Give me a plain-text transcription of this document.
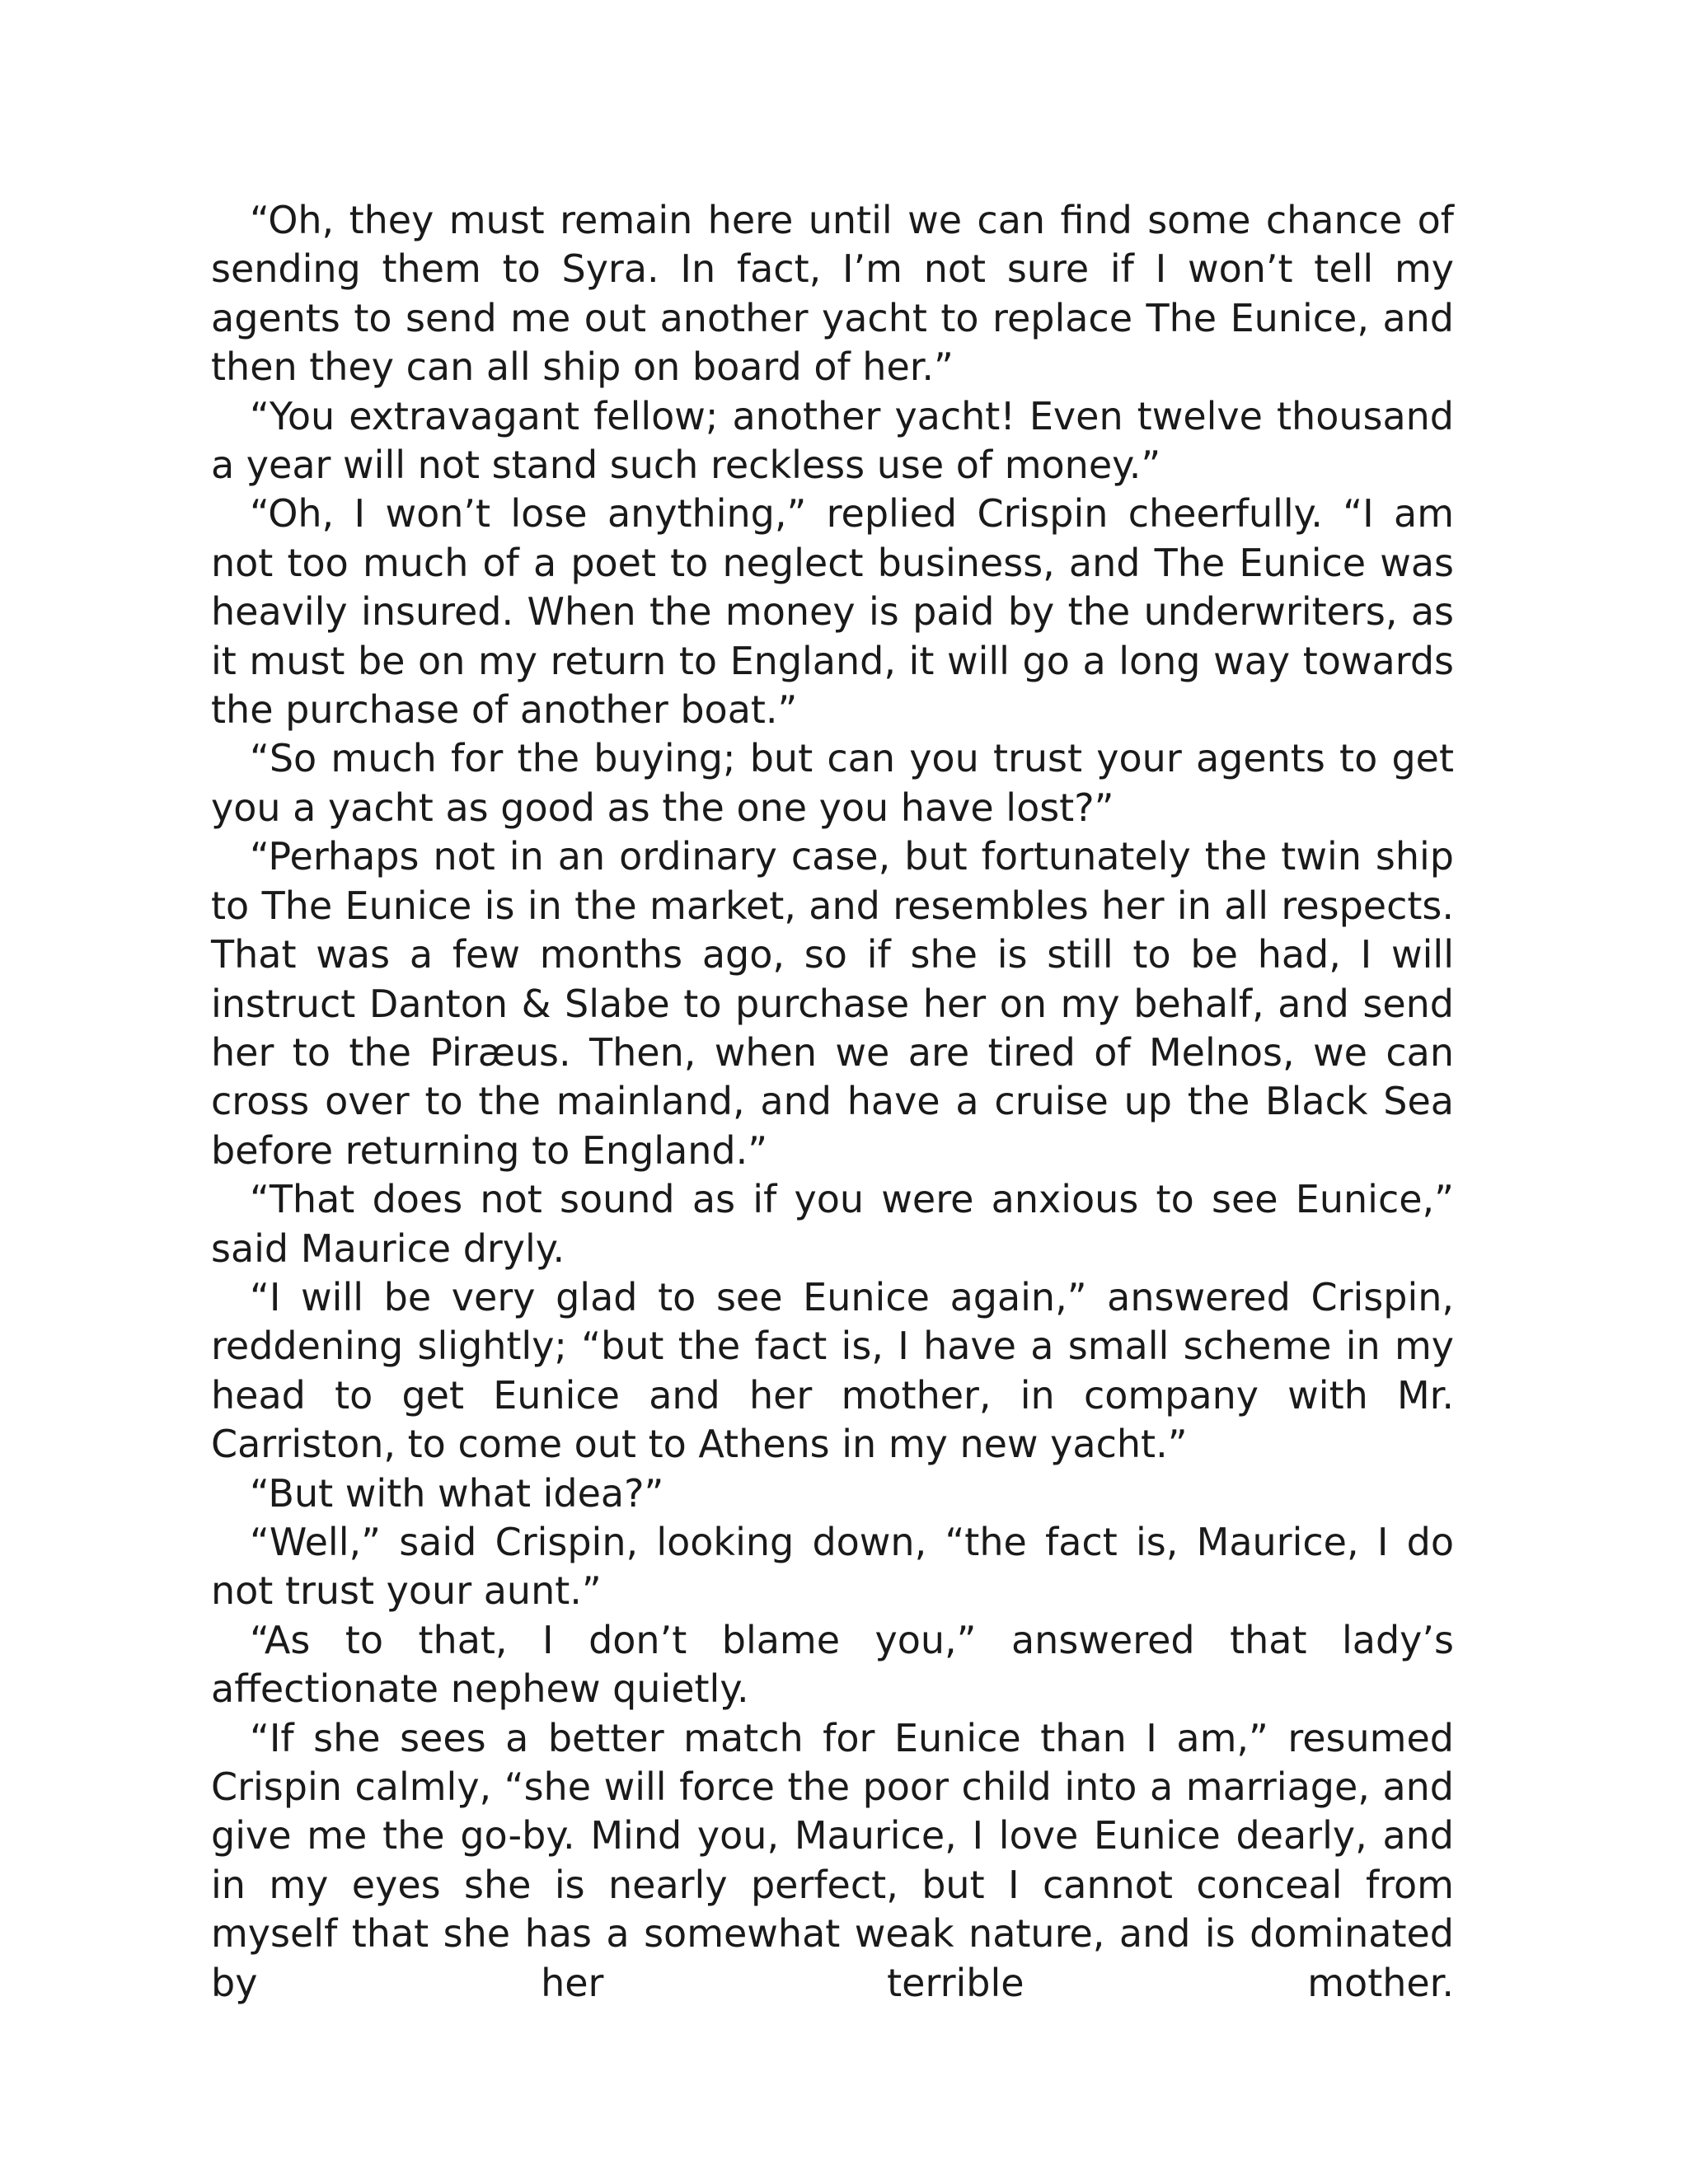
“Oh, they must remain here until we can find some chance of sending them to Syra. In fact, I’m not sure if I won’t tell my agents to send me out another yacht to replace The Eunice, and then they can all ship on board of her.”

“You extravagant fellow; another yacht! Even twelve thousand a year will not stand such reckless use of money.”

“Oh, I won’t lose anything,” replied Crispin cheerfully. “I am not too much of a poet to neglect business, and The Eunice was heavily insured. When the money is paid by the underwriters, as it must be on my return to England, it will go a long way towards the purchase of another boat.”

“So much for the buying; but can you trust your agents to get you a yacht as good as the one you have lost?”

“Perhaps not in an ordinary case, but fortunately the twin ship to The Eunice is in the market, and resembles her in all respects. That was a few months ago, so if she is still to be had, I will instruct Danton & Slabe to purchase her on my behalf, and send her to the Piræus. Then, when we are tired of Melnos, we can cross over to the mainland, and have a cruise up the Black Sea before returning to England.”

“That does not sound as if you were anxious to see Eunice,” said Maurice dryly.

“I will be very glad to see Eunice again,” answered Crispin, reddening slightly; “but the fact is, I have a small scheme in my head to get Eunice and her mother, in company with Mr. Carriston, to come out to Athens in my new yacht.”

“But with what idea?”

“Well,” said Crispin, looking down, “the fact is, Maurice, I do not trust your aunt.”

“As to that, I don’t blame you,” answered that lady’s affectionate nephew quietly.

“If she sees a better match for Eunice than I am,” resumed Crispin calmly, “she will force the poor child into a marriage, and give me the go-by. Mind you, Maurice, I love Eunice dearly, and in my eyes she is nearly perfect, but I cannot conceal from myself that she has a somewhat weak nature, and is dominated by her terrible mother.
